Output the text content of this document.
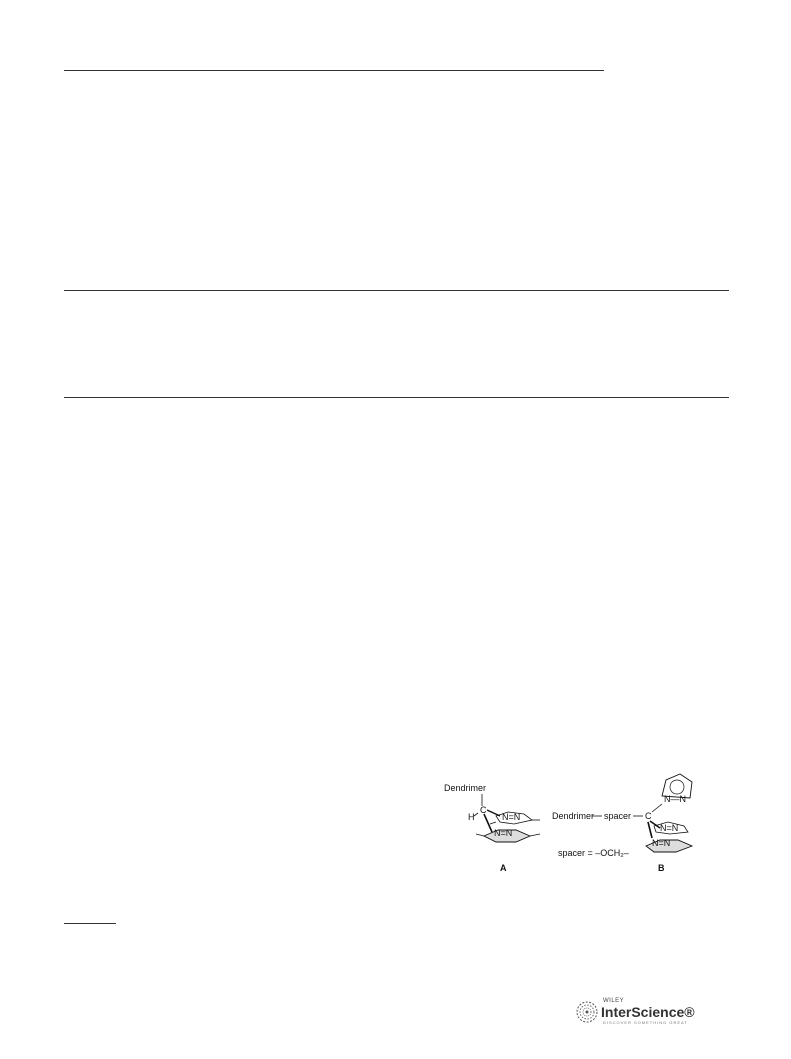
Dendrimer
C
H	N=N
N=N
A
Dendrimer spacer C
N—N
N=N
N=N
spacer = –OCH₂–
B
WILEY
InterScience®
DISCOVER SOMETHING GREAT
